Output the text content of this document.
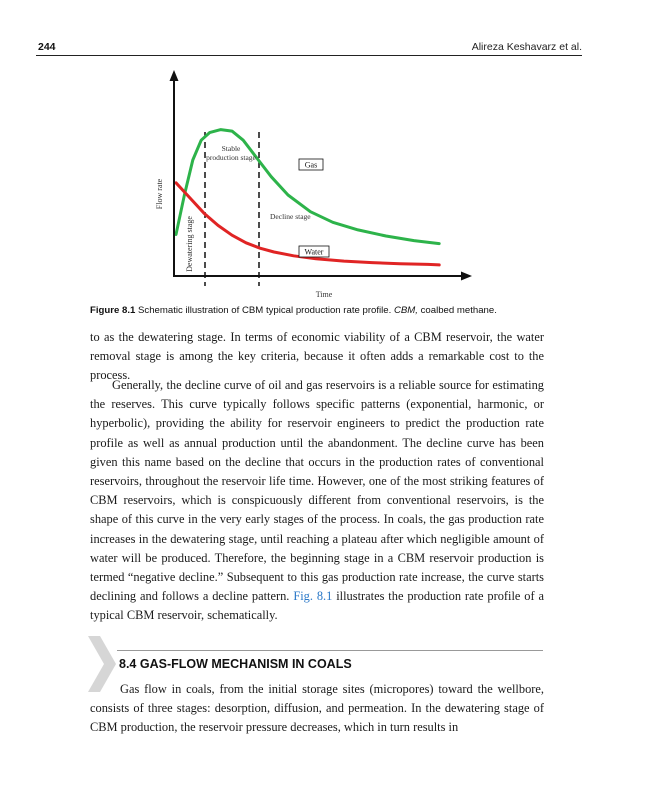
244	Alireza Keshavarz et al.
Flow rate
Time
Dewatering stage
Stable
production stage
Decline stage
Gas
Water
Figure 8.1 Schematic illustration of CBM typical production rate profile. CBM, coalbed methane.

to as the dewatering stage. In terms of economic viability of a CBM reservoir, the water removal stage is among the key criteria, because it often adds a remarkable cost to the process.

Generally, the decline curve of oil and gas reservoirs is a reliable source for estimating the reserves. This curve typically follows specific patterns (exponential, harmonic, or hyperbolic), providing the ability for reservoir engineers to predict the production rate profile as well as annual production until the abandonment. The decline curve has been given this name based on the decline that occurs in the production rates of conventional reservoirs, throughout the reservoir life time. However, one of the most striking features of CBM reservoirs, which is conspicuously different from conventional reservoirs, is the shape of this curve in the very early stages of the process. In coals, the gas production rate increases in the dewatering stage, until reaching a plateau after which negligible amount of water will be produced. Therefore, the beginning stage in a CBM reservoir production is termed “negative decline.” Subsequent to this gas production rate increase, the curve starts declining and follows a decline pattern. Fig. 8.1 illustrates the production rate profile of a typical CBM reservoir, schematically.

8.4 GAS-FLOW MECHANISM IN COALS

Gas flow in coals, from the initial storage sites (micropores) toward the wellbore, consists of three stages: desorption, diffusion, and permeation. In the dewatering stage of CBM production, the reservoir pressure decreases, which in turn results in
